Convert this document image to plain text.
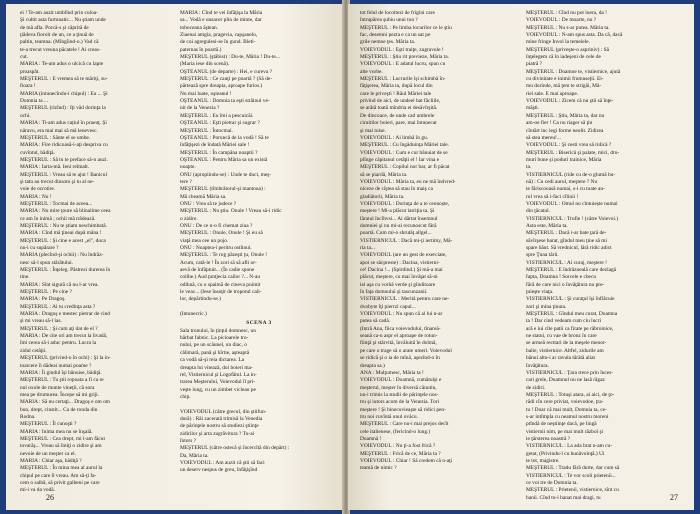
ei ! Te-am auzit umblînd prin culoa-
Şi cultit asta furtunatic... Nu ştiam unde
de mă afla. Porcă-s şi căprită de
ţiădeva fiorolr de un, ce a ţinuă de
paltin, teamna. (Mîngîind-o.) Vad că
te-a trecut vreuna păcatele ! Ai creas-
cut.
MARIA : Te-am adus o ulcică cu lapte
proaspăt.
MEŞTERUL : E vremea să te măriţi, su-
fioara !
MARIA (intunecîndu-i chipul) : Eu ... Şi
Domnia ta ...
MEŞTERUL (rizînd) : Iţi văd dorinţa la
ochi.
MARIA : Ti-am adus cațiul în praeuţ. Şi
năravu, era mai mai să mă lenevesc.
MEŞTERUL : Sănte el se umbe.
MARIA : Fire ridicoasă-i-aţi despriva cu
cuvîntul, bădiţă.
MEŞTERUL : Să tu te preface să-n auzi.
MARIA : Iarta-mă. Ieni reîmalt.
MEŞTERUL : Vreau să te ajut ! Banicul
şi tatu au trecut dinsoto şi tu al ne-
voie de ocrotire.
MARIA : Nu !
MEŞTERUL : Tocmai de aceea...
MARIA : Nu mire ţoure să blinalime ceea
ce am în inimă ; ochii mă trădează.
MEŞTERUL : Nu te ştiam neschimbată.
MARIA : Cînd mă ţineai după mâna !
MEŞTERUL : Şi cine e acest „el", doca
nu-i cu supărare ?
MARIA (plecînd-şi ochii) : Nu îndrăz-
nesc să-l spun stărâtului.
MEŞTERUL : Înţeleg. Păstrezi durerea în
tine.
MARIA : Sînt sigură că nu l-ar vrea.
MEŞTERUL : Pe cine ?
MARIA : Pe Dragoş.
MEŞTERUL : Ai tu credinţa asta ?
MARIA : Dragoş e mestec pietrar de cind
şi mi vreau să-l las.
MEŞTERUL : Şi cum aţi dat de el ?
MARIA : De cite ori am trecut la livadă,
îmi cerea să-i aduc pentru. Lucra la
zidul cetăţii.
MEŞTERUL (privind-o în ochi) : Şi la in-
toarcere îi dădeai numai poame ?
MARIA : Îi gindul îşi bănuise, bădiţă.
MEŞTERUL : Tu ştii ropoata a fi ca re
nul oxole de munte vineţii, că sora
mea pe drumurea. Începe să mi griji.
MARIA : Să nu certaţi... Dragoş e om om
bun, drept, cinstit... Ca de ronda din
Rodna.
MEŞTERUL : Îl cunoşti ?
MARIA : Inima mea nu se înşală.
MEŞTERUL : Cea drept, mi l-am făcut
tovarăş... Vreau să îmiţi o zidire şi am
nevoie de un meşter ca el.
MARIA : Chiar aşa, bădiţă ?
MEŞTERUL : În mina mea al aurul la
chipul pe care îl vreau. Am să-ţi fa-
cem o salbă, să privit galbeni pe care
mi-i va da vodă.
MARIA : Cînd te vei înfăţişa la Măria
sa... Vodă e unsacer plin de minte, dar
toboceana ăştean.
Ziaenai amgia, pragevia, capşanelo,
de cui agregulesi-se în gund. Bleti-
paternas în poartă.)
MEŞTERUL (ştăbist) : Du-te, Măria ! Du-te...
(Maria iese din scenă).
OŞTEANUL (de departe) : Hei, e cureva ?
MEŞTERUL : Ce cauţi pe poartă ? (Să de-
părtează spre dreapta, aproape furios.)
Nu mai luate, oşteanul !
OŞTEANUL : Domnia ta eşti străinul ve-
nit de la Venezia ?
MEŞTERUL : Eu îmi a pescuicăi.
OŞTEANUL : Eşti pietrar şi sugrar ?
MEŞTERUL : Întocmai.
OŞTEANUL : Poruncă de la vodă ! Să te
înfăţişezi de îndată Măriei sale !
MEŞTERUL : În campăna noaptii ?
OŞTEANUL : Pentru Măria sa un există
noapte.
ONU (apropiindu-se) : Unde te duci, meş-
tere ?
MEŞTERUL (tîmbrătorul-şi mantoua) :
Mă cheamă Măria sa.
ONU : Vrea să te judece ?
MEŞTERUL : Nu ştiu. Onule ! Vreau să-i ridic
o zidire.
ONU : De ce n-o fi chemat ziua ?
MEŞTERUL : Onule, Onule ! Şi eu să
viaţă mea cee un pojo.
ONU : Noaptea-i peritru ostlinul.
MEŞTERUL : Te rog păzeşti ţu, Onule !
Acum, cată-le ! În zori să să afli or-
aevă de înfăptuit... (În cadie spone
colibe.) Aud ţuntjecia cailor ?... N-au
odihnă, cu o spaimă de cineva puimit
le veac... (Iese însoţit de tropotul cali-
lor, depărtindu-se.)
(Intunecric.)
SCENA 3
Sala tronului, în ţinţul domnesc, un
bărbat fabnic. La picioarele tro-
nului, pe un scăunel, un diac, o
călimară, pană şi hîrtie, aşteaptă
ca vodă să-şi reia dictarea. La
dreapta lui vitează, doi boieri ma-
rel, Vistiernicul şi Logofătul. La in-
trarea Meşterului, Voievodul îl pri-
veşte lung, cu un zimbet vicleau pe
chip.
VOIEVODUL (către grecul, din ştiifun-
dură) : Răi zacerată trimisă la Venedia
de părinţele nostru să studiezi ştiinţe
zidirilor şi arta zugrăvitura ? Tu-ai
întors ?
MEŞTERUL (către ostecă și încercîtă din depărt) :
Da, Măria ta.
VOIEVODUL : Am auzit că ştii să faci
un deserv nespus de greu, înfăţişînd
26
tot felul de locoltezi de frigini care
întrupărea şubiu unui ton ?
MEŞTERUL : Pe limba locurilor ce le ştiu
fac, desemni pezta e ca un sat pe
grile nemne ţes. Măria ta.
VOIEVODUL : Eşti traiţe, zugravule !
MEŞTERUL : Ştiu rit previeze, Măria ta.
VOIEVODUL : E adatul lucru, spun cu
alte vorbe.
MEŞTERUL : Lucrurile îşi schimbă în-
făţişerea, Măria ta, după locul din
care le priveşti ! Răul Măriei tale
privind de aici, de undeel bat făcliile,
se arătă toată mîndria ei desăvîrşită.
De dincoace, de unde cad umbrele
ciruitilor boieri, pare, mai întunecat
şi mai tuise.
VOIEVODUL : Ai limbă în gu.
MEŞTERUL : Cu îngăduinţa Măriei tale.
VOIEVODUL : Cum e cur bănuiat de se
plînge căpitanul cetăţii el ! Iar vina e
MEŞTERUL : Copilul nor bar, ar fi păcat
să se piardă, Măria ta.
VOIEVODUL : Măria ta, eu ne mă îndvred-
niceze de cîştea să stau în maiş ca
gladiătorii, Măria ta.
VOIEVODUL : Doriuţa de a te ceonoște,
meştere ! Mi-a plăcut iarriţia ta. Şi
lăratul încîhvsi... Ai dărtat însemnul
domniei şi nu mi-ai recunoscut fără
poartă. Cum mi-o shrutăţ allgel...
VISTIERNICUL : Dacă mi-ţi iertimy, Mă-
ria ta...
VOIEVODUL (are un gest de exerciate,
apoi se sâcpreste) : Dacina, vistierni-
ce! Dacina !... (Spirdind.) Şi mă-a mai
plăcut, meştere, cu mai învăţat să-ni
iei aşa cu vorbă verde şi gînditoare
în faţa domnului şi tascunzanii.
VISTIERNICUL : Merită pentru care ne-
dvobyte îţi pierrzi capul...
VOIEVODUL : Nu spun că al lui n-ar
putea să cadă.
(Intră Ana, fiica voievodului, tînareă-
seană ca-n aspr el aproape de rotun-
fiinţă şi stârvită, învăluită în dolmă,
pe care o trage să o arate umeri. Voievodul
se ridică şi o ia de mînă, aşezînd-o în
dreapta sa.)
ANA : Mulţumesc, Măria ta !
VOIEVODUL : Doamnă, cumătulşi e
meşterul, meşter în diversă cânutiu,
nu-i trimis la studii de părinţele nos-
tru şi iutors acum de la Venezia. Tori
meştere ! Şi binecuvieaşte să ridici pen-
tru noi cuvîntă unul ovăcu.
MEŞTERUL : Care nu-i mai prejos decît
cele italienese, (fericind-o lung.)
Doamnă !
VOIEVODUL : Nu ţi-a fost frică ?
MEŞTERUL : Frică de ce, Măria ta ?
VOIEVODUL : Chiar ! Să credem că n-aţi
teamă de nimic ?
MEŞTERUL : Cînd nu pot luera, da !
VOIEVODUL : De moarte, nu ?
MEŞTERUL : Nu s-ar putea. Măria ta.
VOIEVODUL : N-am spus asta. Da că, dacă
mine fringe Invol la temeiele.
MEŞTERUL (priveşte-o aspriniv) : Să
înţelegem că în iadeşeni de cele de
piatră ?
MEŞTERUL : Doamne te, vistiernice, ajută
cu divinitate e inimii frumuseţii. Ei-
mu dorinde, mă ţem te strigăi, Mă-
riei sale. E mai aproape.
VOIEVODUL : Zicem că nu ştii să înţe-
măşti.
MEŞTERUL : Ştiu, Măria ta, dar nu
am-oe fier ! Ca nu riager să ţin
cîntărt inc iegi forme neolit. Zidirea
să stea mereu!...
VOIEVODUL : Şi cesti vrea să ridică ?
MEŞTERUL : Biserică şi palate, mici, dru-
muri bune şi poduri trainice, Măria
ta.
VISTIERNICUL (ride cu de-o glumă bu-
nă) : Cu cedi aurul, meştere ? Nu
te făriscooasă numai, s-i cu toate au-
rul vrea să i-faci cîlinii !
VOIEVODUL : Omul nu cîntuiește numai
din ţăcatul.
VISTIERNICUL : Trufie ! (către Voievoi.)
Asta este, Măria ta.
MEŞTERUL : Dacă i-ar bate ţară de-
săvîrşese barat, gîndul meu ţine să mi
spare băut. Să vrednicul, lără ridic adict
spre Ţuna tării.
VISTIERNICUL : Ai curaj, meştere !
MEŞTERUL : E îndrăzneală care dezlagă
fapta, Doamna ! Sorcele e cbecu
fără de care nici o învăţătura nu pre-
ţuieşte viaţa.
VISTIERNICUL : Şi curaţul îşi înflăcuie
zori şi mina ţinuta.
MEŞTERUL : Gîndul meu curat, Doamna
ta ! Dar cind vedeam cum ciu lucri
ară e iui cîte patii ca firate pe răbroinice,
ne statui, cu vae de bronz în care
se armeă recttari de la meşele menor-
balie, vistiernice. Altfel, zidurile am
bănui altu-i ar ravula tărătă aliat
învăţătura.
VISTIERNICUL : Ţara trece prin înces-
cari grele, Doamnul nu ne lasă răgaz
de zidiri.
MEŞTERUL : Totuşi atara, ai aici, de ţo-
rădi cîn cere priviat, voievodoe, ţra-
tu ! Doar că mai mult, Domnia ta, ce-
s-ar intîmpla cu neamul nostru moreni
ptîndă de neştiinţe dacă, pe lingă
vistiernii nim, pe mai mult războl şi
ie ţărsterea noastră ?
VISTIERNICUL : La ada brat n-am cu-
getat, (Privindu-l cu bunăvoinţă.) Ui
te tot, magistre.
MEŞTERUL : Tradu fără dorte, dar cum să
VISTIERNICUL : Te vor scoli prietenii...
ce voi tre de Domnia ta.
MEŞTERUL : Prietenii, vistiernice, sînt cu
banii. Cînd tu-i banat mai dragi, tu	27
